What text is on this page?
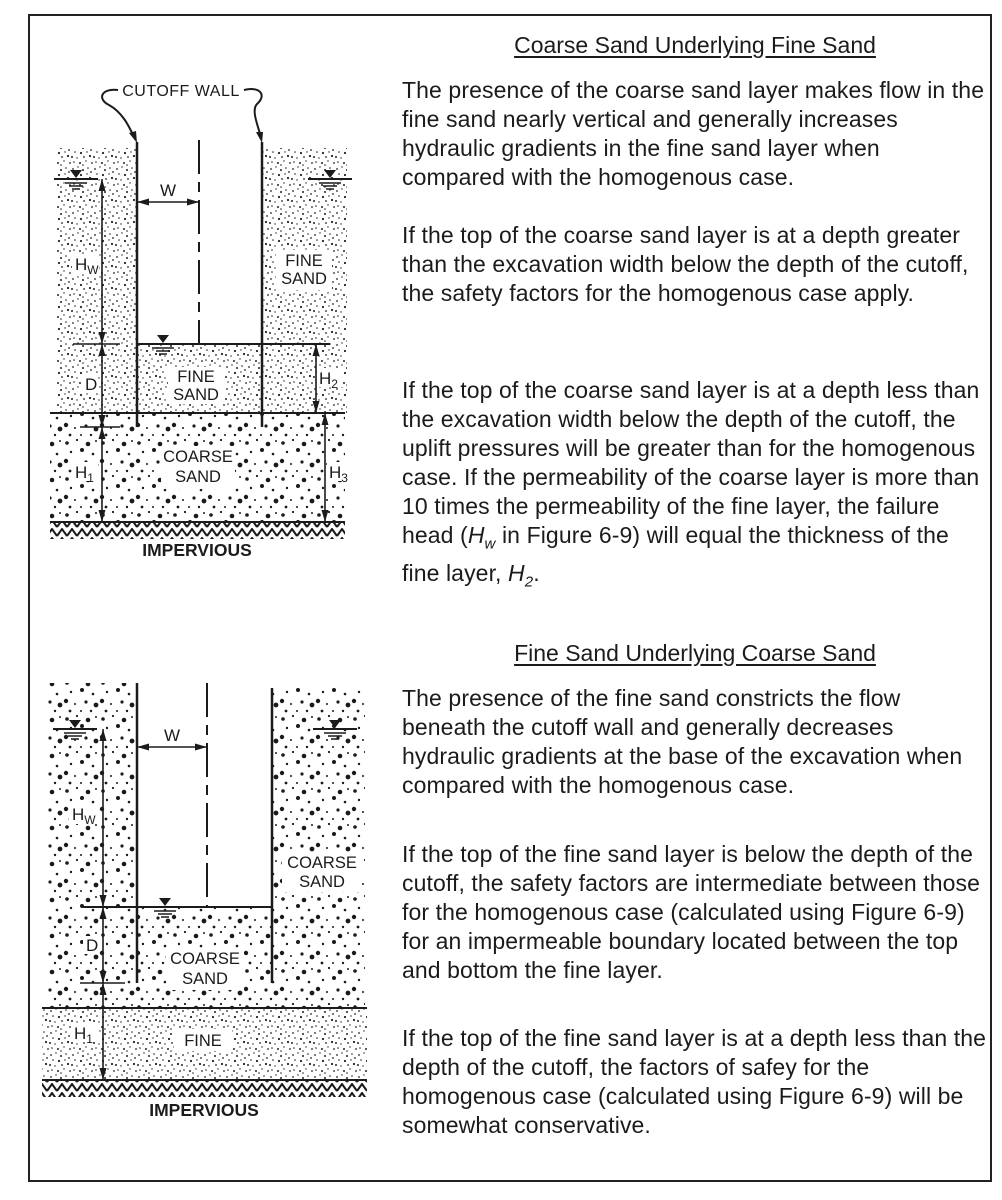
CUTOFF WALL
W
$H_W$
D
$H_1$
$H_2$
$H_3$
FINE
SAND
FINE
SAND
COARSE
SAND
IMPERVIOUS
W
$H_W$
D
$H_1$
COARSE
SAND
COARSE
SAND
FINE
IMPERVIOUS
Coarse Sand Underlying Fine Sand
The presence of the coarse sand layer makes flow in the fine sand nearly vertical and generally increases hydraulic gradients in the fine sand layer when compared with the homogenous case.
If the top of the coarse sand layer is at a depth greater than the excavation width below the depth of the cutoff, the safety factors for the homogenous case apply.
If the top of the coarse sand layer is at a depth less than the excavation width below the depth of the cutoff, the uplift pressures will be greater than for the homogenous case. If the permeability of the coarse layer is more than 10 times the permeability of the fine layer, the failure head ($H_w$ in Figure 6-9) will equal the thickness of the fine layer, $H_2$.
Fine Sand Underlying Coarse Sand
The presence of the fine sand constricts the flow beneath the cutoff wall and generally decreases hydraulic gradients at the base of the excavation when compared with the homogenous case.
If the top of the fine sand layer is below the depth of the cutoff, the safety factors are intermediate between those for the homogenous case (calculated using Figure 6-9) for an impermeable boundary located between the top and bottom the fine layer.
If the top of the fine sand layer is at a depth less than the depth of the cutoff, the factors of safey for the homogenous case (calculated using Figure 6-9) will be somewhat conservative.
